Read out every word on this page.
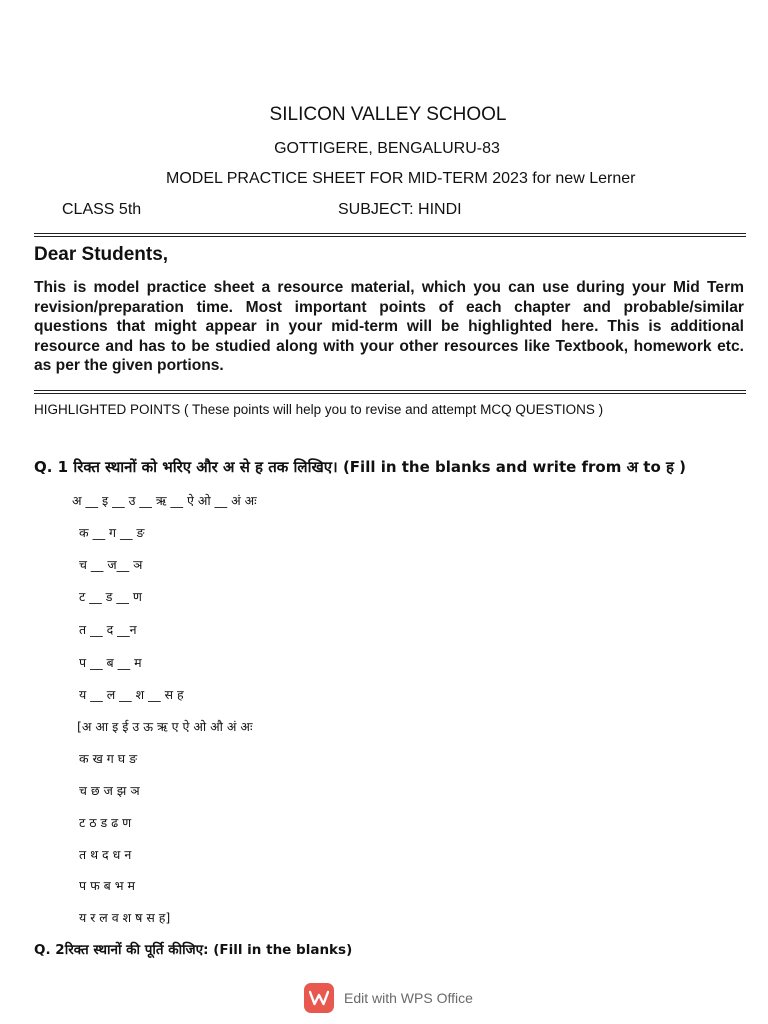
SILICON VALLEY SCHOOL
GOTTIGERE, BENGALURU-83
MODEL PRACTICE SHEET FOR MID-TERM 2023 for new Lerner
CLASS 5th	SUBJECT: HINDI
Dear Students,
This is model practice sheet a resource material, which you can use during your Mid Term revision/preparation time. Most important points of each chapter and probable/similar questions that might appear in your mid-term will be highlighted here. This is additional resource and has to be studied along with your other resources like Textbook, homework etc. as per the given portions.
HIGHLIGHTED POINTS ( These points will help you to revise and attempt MCQ QUESTIONS )
Q. 1 रिक्त स्थानों को भरिए और अ से ह तक लिखिए। (Fill in the blanks and write from अ to ह )
अ __ इ __ उ __ ऋ __ ऐ ओ __ अं अः
क __ ग __ ङ
च __ ज__ ञ
ट __ ड __ ण
त __ द __न
प __ ब __ म
य __ ल __ श __ स ह
[अ आ इ ई उ ऊ ऋ ए ऐ ओ औ अं अः
क ख ग घ ङ
च छ ज झ ञ
ट ठ ड ढ ण
त थ द ध न
प फ ब भ म
य र ल व श ष स ह]
Q. 2रिक्त स्थानों की पूर्ति कीजिए: (Fill in the blanks)
Edit with WPS Office
